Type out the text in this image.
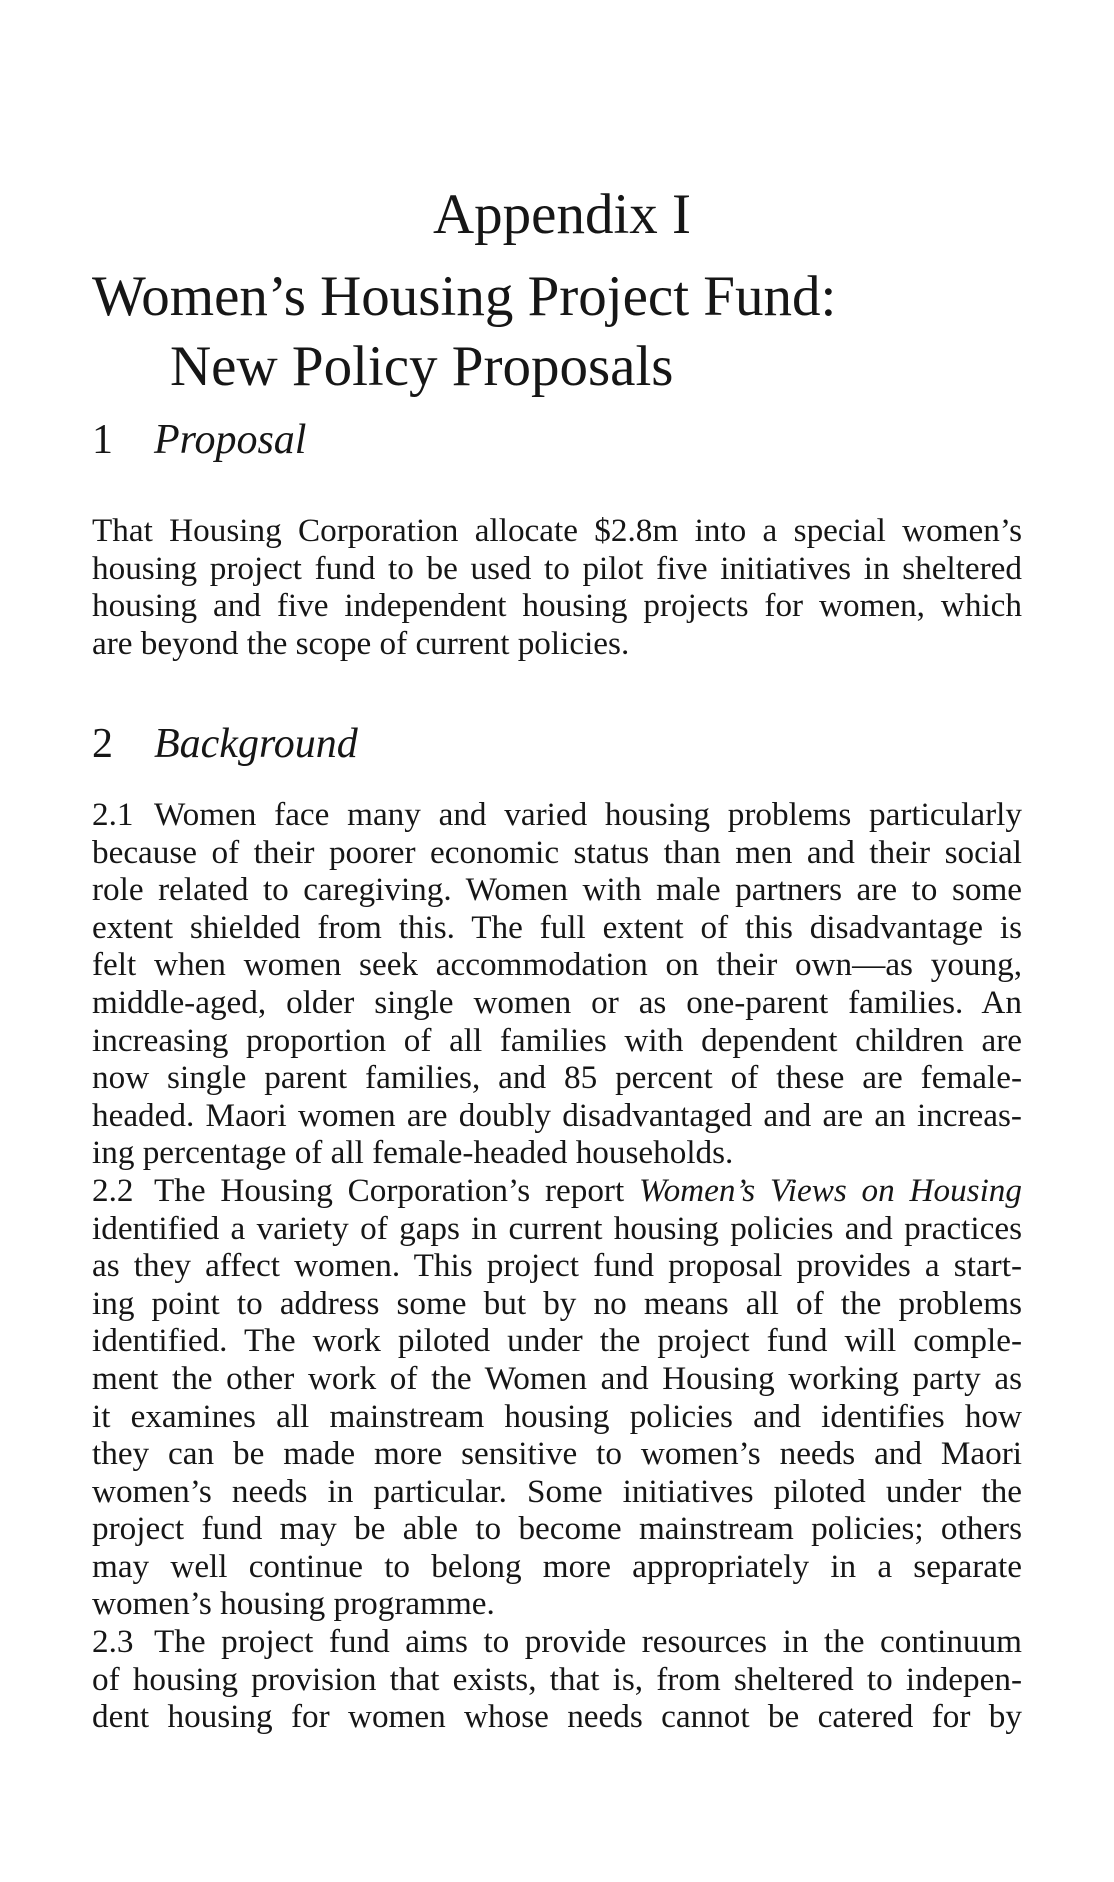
Appendix I
Women’s Housing Project Fund:
New Policy Proposals
1 Proposal
That Housing Corporation allocate $2.8m into a special women’s
housing project fund to be used to pilot five initiatives in sheltered
housing and five independent housing projects for women, which
are beyond the scope of current policies.
2 Background
2.1 Women face many and varied housing problems particularly
because of their poorer economic status than men and their social
role related to caregiving. Women with male partners are to some
extent shielded from this. The full extent of this disadvantage is
felt when women seek accommodation on their own—as young,
middle-aged, older single women or as one-parent families. An
increasing proportion of all families with dependent children are
now single parent families, and 85 percent of these are female-
headed. Maori women are doubly disadvantaged and are an increas-
ing percentage of all female-headed households.
2.2 The Housing Corporation’s report Women’s Views on Housing
identified a variety of gaps in current housing policies and practices
as they affect women. This project fund proposal provides a start-
ing point to address some but by no means all of the problems
identified. The work piloted under the project fund will comple-
ment the other work of the Women and Housing working party as
it examines all mainstream housing policies and identifies how
they can be made more sensitive to women’s needs and Maori
women’s needs in particular. Some initiatives piloted under the
project fund may be able to become mainstream policies; others
may well continue to belong more appropriately in a separate
women’s housing programme.
2.3 The project fund aims to provide resources in the continuum
of housing provision that exists, that is, from sheltered to indepen-
dent housing for women whose needs cannot be catered for by
